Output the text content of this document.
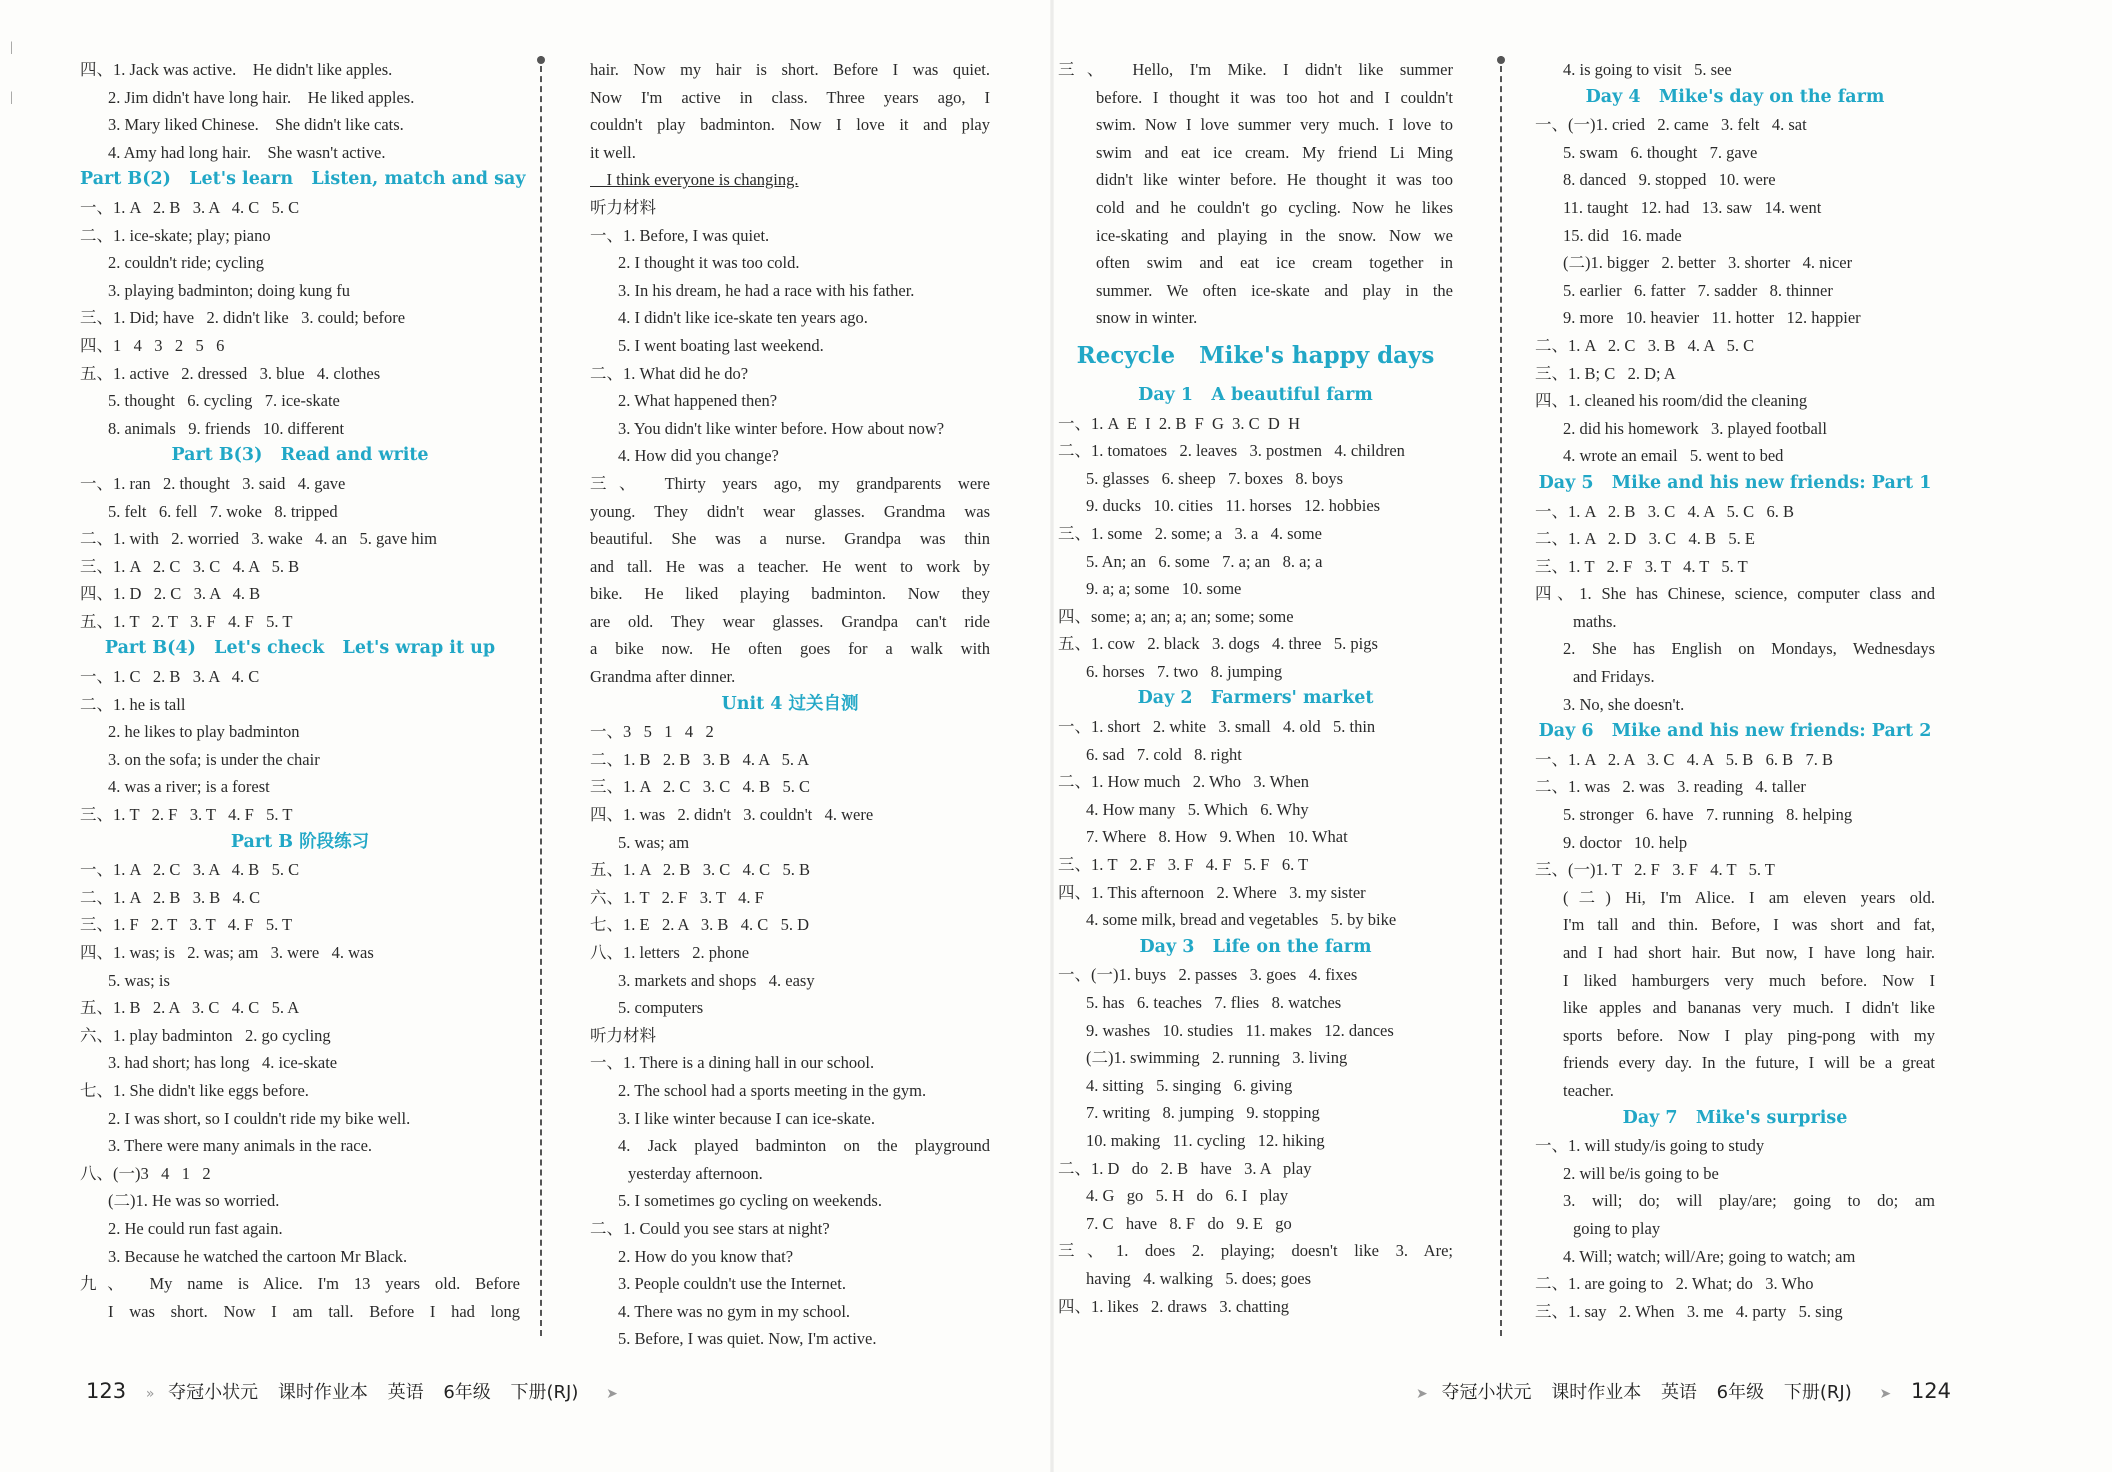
|
|
四、1. Jack was active.    He didn't like apples.
2. Jim didn't have long hair.    He liked apples.
3. Mary liked Chinese.    She didn't like cats.
4. Amy had long hair.    She wasn't active.
Part B(2)   Let's learn   Listen, match and say
一、1. A   2. B   3. A   4. C   5. C
二、1. ice-skate; play; piano
2. couldn't ride; cycling
3. playing badminton; doing kung fu
三、1. Did; have   2. didn't like   3. could; before
四、1   4   3   2   5   6
五、1. active   2. dressed   3. blue   4. clothes
5. thought   6. cycling   7. ice-skate
8. animals   9. friends   10. different
Part B(3)   Read and write
一、1. ran   2. thought   3. said   4. gave
5. felt   6. fell   7. woke   8. tripped
二、1. with   2. worried   3. wake   4. an   5. gave him
三、1. A   2. C   3. C   4. A   5. B
四、1. D   2. C   3. A   4. B
五、1. T   2. T   3. F   4. F   5. T
Part B(4)   Let's check   Let's wrap it up
一、1. C   2. B   3. A   4. C
二、1. he is tall
2. he likes to play badminton
3. on the sofa; is under the chair
4. was a river; is a forest
三、1. T   2. F   3. T   4. F   5. T
Part B 阶段练习
一、1. A   2. C   3. A   4. B   5. C
二、1. A   2. B   3. B   4. C
三、1. F   2. T   3. T   4. F   5. T
四、1. was; is   2. was; am   3. were   4. was
5. was; is
五、1. B   2. A   3. C   4. C   5. A
六、1. play badminton   2. go cycling
3. had short; has long   4. ice-skate
七、1. She didn't like eggs before.
2. I was short, so I couldn't ride my bike well.
3. There were many animals in the race.
八、(一)3   4   1   2
(二)1. He was so worried.
2. He could run fast again.
3. Because he watched the cartoon Mr Black.
九、 My name is Alice. I'm 13 years old. Before
I was short. Now I am tall. Before I had long
hair. Now my hair is short. Before I was quiet.
Now I'm active in class. Three years ago, I
couldn't play badminton. Now I love it and play
it well.
I think everyone is changing.
听力材料
一、1. Before, I was quiet.
2. I thought it was too cold.
3. In his dream, he had a race with his father.
4. I didn't like ice-skate ten years ago.
5. I went boating last weekend.
二、1. What did he do?
2. What happened then?
3. You didn't like winter before. How about now?
4. How did you change?
三、 Thirty years ago, my grandparents were
young. They didn't wear glasses. Grandma was
beautiful. She was a nurse. Grandpa was thin
and tall. He was a teacher. He went to work by
bike. He liked playing badminton. Now they
are old. They wear glasses. Grandpa can't ride
a bike now. He often goes for a walk with
Grandma after dinner.
Unit 4 过关自测
一、3   5   1   4   2
二、1. B   2. B   3. B   4. A   5. A
三、1. A   2. C   3. C   4. B   5. C
四、1. was   2. didn't   3. couldn't   4. were
5. was; am
五、1. A   2. B   3. C   4. C   5. B
六、1. T   2. F   3. T   4. F
七、1. E   2. A   3. B   4. C   5. D
八、1. letters   2. phone
3. markets and shops   4. easy
5. computers
听力材料
一、1. There is a dining hall in our school.
2. The school had a sports meeting in the gym.
3. I like winter because I can ice-skate.
4. Jack played badminton on the playground
yesterday afternoon.
5. I sometimes go cycling on weekends.
二、1. Could you see stars at night?
2. How do you know that?
3. People couldn't use the Internet.
4. There was no gym in my school.
5. Before, I was quiet. Now, I'm active.
三、 Hello, I'm Mike. I didn't like summer
before. I thought it was too hot and I couldn't
swim. Now I love summer very much. I love to
swim and eat ice cream. My friend Li Ming
didn't like winter before. He thought it was too
cold and he couldn't go cycling. Now he likes
ice-skating and playing in the snow. Now we
often swim and eat ice cream together in
summer. We often ice-skate and play in the
snow in winter.
Recycle   Mike's happy days
Day 1   A beautiful farm
一、1. A  E  I  2. B  F  G  3. C  D  H
二、1. tomatoes   2. leaves   3. postmen   4. children
5. glasses   6. sheep   7. boxes   8. boys
9. ducks   10. cities   11. horses   12. hobbies
三、1. some   2. some; a   3. a   4. some
5. An; an   6. some   7. a; an   8. a; a
9. a; a; some   10. some
四、some; a; an; a; an; some; some
五、1. cow   2. black   3. dogs   4. three   5. pigs
6. horses   7. two   8. jumping
Day 2   Farmers' market
一、1. short   2. white   3. small   4. old   5. thin
6. sad   7. cold   8. right
二、1. How much   2. Who   3. When
4. How many   5. Which   6. Why
7. Where   8. How   9. When   10. What
三、1. T   2. F   3. F   4. F   5. F   6. T
四、1. This afternoon   2. Where   3. my sister
4. some milk, bread and vegetables   5. by bike
Day 3   Life on the farm
一、(一)1. buys   2. passes   3. goes   4. fixes
5. has   6. teaches   7. flies   8. watches
9. washes   10. studies   11. makes   12. dances
(二)1. swimming   2. running   3. living
4. sitting   5. singing   6. giving
7. writing   8. jumping   9. stopping
10. making   11. cycling   12. hiking
二、1. D   do   2. B   have   3. A   play
4. G   go   5. H   do   6. I   play
7. C   have   8. F   do   9. E   go
三、1. does 2. playing; doesn't like 3. Are;
having   4. walking   5. does; goes
四、1. likes   2. draws   3. chatting
4. is going to visit   5. see
Day 4   Mike's day on the farm
一、(一)1. cried   2. came   3. felt   4. sat
5. swam   6. thought   7. gave
8. danced   9. stopped   10. were
11. taught   12. had   13. saw   14. went
15. did   16. made
(二)1. bigger   2. better   3. shorter   4. nicer
5. earlier   6. fatter   7. sadder   8. thinner
9. more   10. heavier   11. hotter   12. happier
二、1. A   2. C   3. B   4. A   5. C
三、1. B; C   2. D; A
四、1. cleaned his room/did the cleaning
2. did his homework   3. played football
4. wrote an email   5. went to bed
Day 5   Mike and his new friends: Part 1
一、1. A   2. B   3. C   4. A   5. C   6. B
二、1. A   2. D   3. C   4. B   5. E
三、1. T   2. F   3. T   4. T   5. T
四、1. She has Chinese, science, computer class and
maths.
2. She has English on Mondays, Wednesdays
and Fridays.
3. No, she doesn't.
Day 6   Mike and his new friends: Part 2
一、1. A   2. A   3. C   4. A   5. B   6. B   7. B
二、1. was   2. was   3. reading   4. taller
5. stronger   6. have   7. running   8. helping
9. doctor   10. help
三、(一)1. T   2. F   3. F   4. T   5. T
(二) Hi, I'm Alice. I am eleven years old.
I'm tall and thin. Before, I was short and fat,
and I had short hair. But now, I have long hair.
I liked hamburgers very much before. Now I
like apples and bananas very much. I didn't like
sports before. Now I play ping-pong with my
friends every day. In the future, I will be a great
teacher.
Day 7   Mike's surprise
一、1. will study/is going to study
2. will be/is going to be
3. will; do; will play/are; going to do; am
going to play
4. Will; watch; will/Are; going to watch; am
二、1. are going to   2. What; do   3. Who
三、1. say   2. When   3. me   4. party   5. sing
123 » 夺冠小状元 课时作业本 英语 6年级 下册(RJ) ➤	➤ 夺冠小状元 课时作业本 英语 6年级 下册(RJ) ➤ 124
